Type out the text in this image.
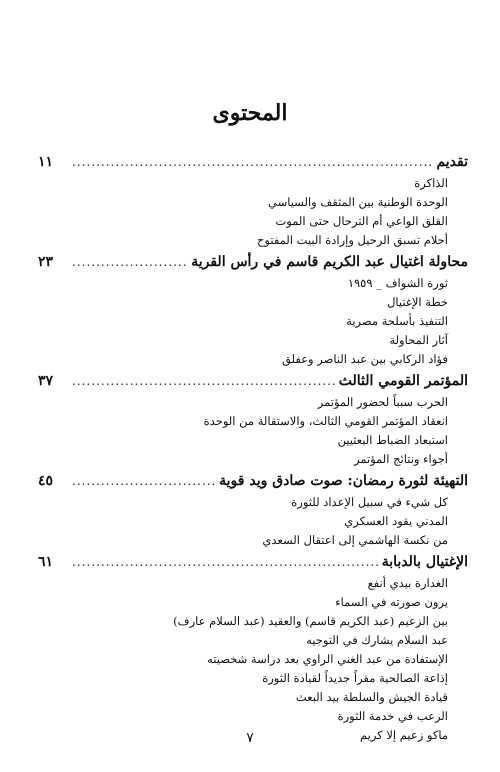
المحتوى
تقديم
.....
١١
الذاكرة
الوحدة الوطنية بين المثقف والسياسي
القلق الواعي أم الترحال حتى الموت
أحلام تسبق الرحيل وإرادة البيت المفتوح
محاولة اغتيال عبد الكريم قاسم في رأس القرية
.....
٢٣
ثورة الشواف _ ١٩٥٩
خطة الإغتيال
التنفيذ بأسلحة مصرية
آثار المحاولة
فؤاد الركابي بين عبد الناصر وعفلق
المؤتمر القومي الثالث
.....
٣٧
الحرب سبباً لحضور المؤتمر
انعقاد المؤتمر القومي الثالث، والاستقالة من الوحدة
استبعاد الضباط البعثيين
أجواء ونتائج المؤتمر
التهيئة لثورة رمضان: صوت صادق ويد قوية
.....
٤٥
كل شيء في سبيل الإعداد للثورة
المدني يقود العسكري
من نكسة الهاشمي إلى اعتقال السعدي
الإغتيال بالدبابة
.....
٦١
الغدارة بيدي أنفع
يرون صورته في السماء
بين الزعيم (عبد الكريم قاسم) والعقيد (عبد السلام عارف)
عبد السلام يشارك في التوجيه
الإستفادة من عبد الغني الراوي بعد دراسة شخصيته
إذاعة الصالحية مقراً جديداً لقيادة الثورة
قيادة الجيش والسلطة بيد البعث
الرعب في خدمة الثورة
ماكو زعيم إلا كريم
٧
